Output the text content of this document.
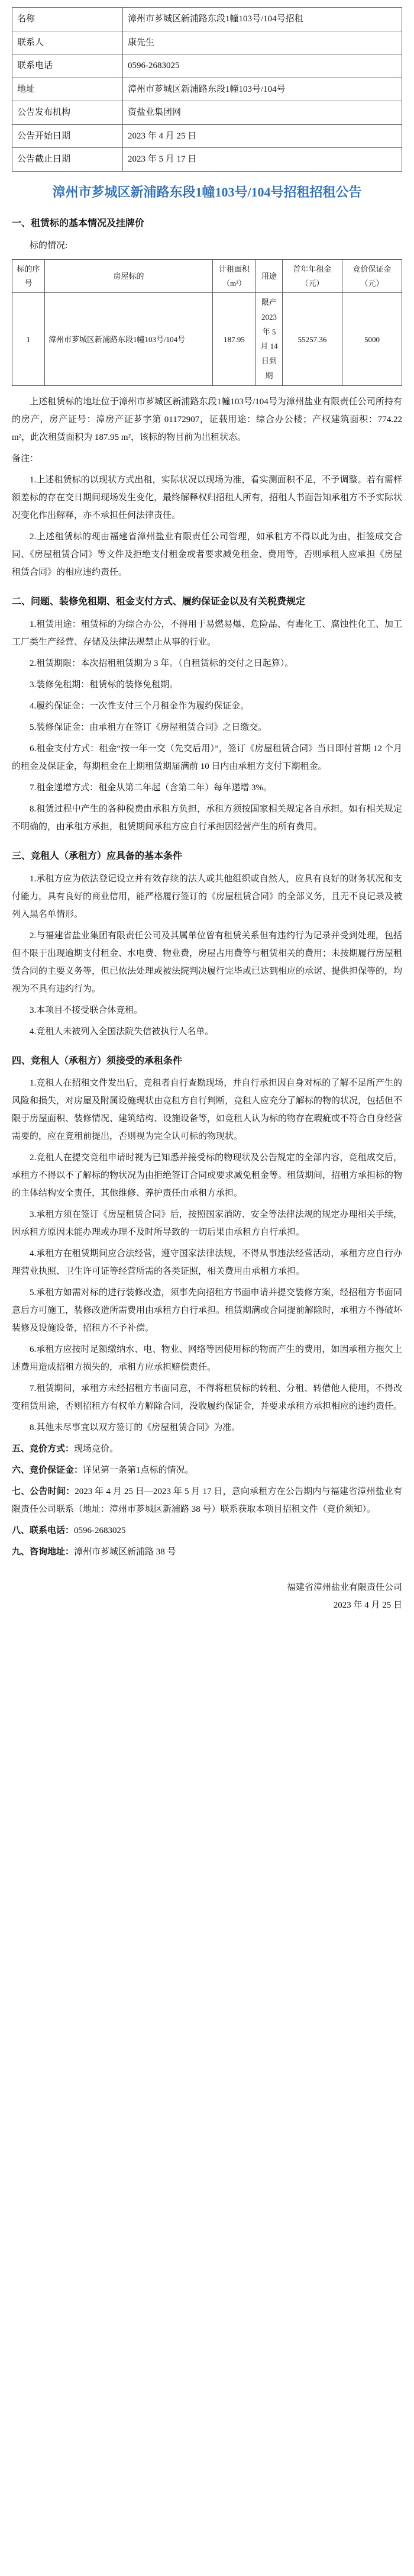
名称	漳州市芗城区新浦路东段1幢103号/104号招租
联系人	康先生
联系电话	0596-2683025
地址	漳州市芗城区新浦路东段1幢103号/104号
公告发布机构	资盐业集团网
公告开始日期	2023 年 4 月 25 日
公告截止日期	2023 年 5 月 17 日
漳州市芗城区新浦路东段1幢103号/104号招租招租公告
一、租赁标的基本情况及挂牌价

标的情况:

标的序号	房屋标的	计租面积（m²）	用途	首年年租金（元）	竞价保证金（元）
1	漳州市芗城区新浦路东段1幢103号/104号	187.95	限产 2023 年 5 月 14 日到期	55257.36	5000

上述租赁标的地址位于漳州市芗城区新浦路东段1幢103号/104号为漳州盐业有限责任公司所持有的房产，房产证号：漳房产证芗字第 01172907，证载用途：综合办公楼；产权建筑面积：774.22 m²，此次租赁面积为 187.95 m²，该标的物目前为出租状态。

备注：

1.上述租赁标的以现状方式出租，实际状况以现场为准，看实测面积不足，不予调整。若有需样额差标的存在交日期间现场发生变化，最终解释权归招租人所有，招租人书面告知承租方不予实际状况变化作出解释，亦不承担任何法律责任。

2.上述租赁标的现由福建省漳州盐业有限责任公司管理，如承租方不得以此为由，拒签成交合同、《房屋租赁合同》等文件及拒绝支付租金或者要求减免租金、费用等，否则承租人应承担《房屋租赁合同》的相应违约责任。

二、问题、装修免租期、租金支付方式、履约保证金以及有关税费规定

1.租赁用途：租赁标的为综合办公，不得用于易燃易爆、危险品、有毒化工、腐蚀性化工、加工工厂类生产经营、存储及法律法规禁止从事的行业。

2.租赁期限：本次招租租赁期为 3 年。（自租赁标的交付之日起算）。

3.装修免租期：租赁标的装修免租期。

4.履约保证金：一次性支付三个月租金作为履约保证金。

5.装修保证金：由承租方在签订《房屋租赁合同》之日缴交。

6.租金支付方式：租金“按一年一交（先交后用）”，签订《房屋租赁合同》当日即付首期 12 个月的租金及保证金，每期租金在上期租赁期届满前 10 日内由承租方支付下期租金。

7.租金递增方式：租金从第二年起（含第二年）每年递增 3%。

8.租赁过程中产生的各种税费由承租方负担，承租方须按国家相关规定各自承担。如有相关规定不明确的，由承租方承担，租赁期间承租方应自行承担因经营产生的所有费用。

三、竞租人（承租方）应具备的基本条件

1.承租方应为依法登记设立并有效存续的法人或其他组织或自然人，应具有良好的财务状况和支付能力，具有良好的商业信用，能严格履行签订的《房屋租赁合同》的全部义务，且无不良记录及被列入黑名单情形。

2.与福建省盐业集团有限责任公司及其属单位曾有租赁关系但有违约行为记录并受到处理，包括但不限于出现逾期支付租金、水电费、物业费，房屋占用费等与租赁相关的费用；未按期履行房屋租赁合同的主要义务等，但已依法处理或被法院判决履行完毕或已达到相应的承诺、提供担保等的，均视为不具有违约行为。

3.本项目不接受联合体竞租。

4.竞租人未被列入全国法院失信被执行人名单。

四、竞租人（承租方）须接受的承租条件

1.竞租人在招租文件发出后，竞租者自行查勘现场，并自行承担因自身对标的了解不足所产生的风险和损失，对房屋及附属设施现状由竞租方自行判断，竞租人应充分了解标的物的状况，包括但不限于房屋面积、装修情况、建筑结构、设施设备等，如竞租人认为标的物存在瑕疵或不符合自身经营需要的，应在竞租前提出，否则视为完全认可标的物现状。

2.竞租人在提交竞租申请时视为已知悉并接受标的物现状及公告规定的全部内容，竞租成交后，承租方不得以不了解标的物状况为由拒绝签订合同或要求减免租金等。租赁期间，招租方承担标的物的主体结构安全责任，其他维修、养护责任由承租方承担。

3.承租方须在签订《房屋租赁合同》后，按照国家消防、安全等法律法规的规定办理相关手续，因承租方原因未能办理或办理不及时所导致的一切后果由承租方自行承担。

4.承租方在租赁期间应合法经营，遵守国家法律法规，不得从事违法经营活动，承租方应自行办理营业执照、卫生许可证等经营所需的各类证照，相关费用由承租方承担。

5.承租方如需对标的进行装修改造，须事先向招租方书面申请并提交装修方案，经招租方书面同意后方可施工，装修改造所需费用由承租方自行承担。租赁期满或合同提前解除时，承租方不得破坏装修及设施设备，招租方不予补偿。

6.承租方应按时足额缴纳水、电、物业、网络等因使用标的物而产生的费用，如因承租方拖欠上述费用造成招租方损失的，承租方应承担赔偿责任。

7.租赁期间，承租方未经招租方书面同意，不得将租赁标的转租、分租、转借他人使用，不得改变租赁用途，否则招租方有权单方解除合同，没收履约保证金，并要求承租方承担相应的违约责任。

8.其他未尽事宜以双方签订的《房屋租赁合同》为准。

五、竞价方式：现场竞价。

六、竞价保证金：详见第一条第1点标的情况。

七、公告时间：2023 年 4 月 25 日—2023 年 5 月 17 日，意向承租方在公告期内与福建省漳州盐业有限责任公司联系（地址：漳州市芗城区新浦路 38 号）联系获取本项目招租文件（竞价须知）。

八、联系电话：0596-2683025

九、咨询地址：漳州市芗城区新浦路 38 号

福建省漳州盐业有限责任公司
2023 年 4 月 25 日
